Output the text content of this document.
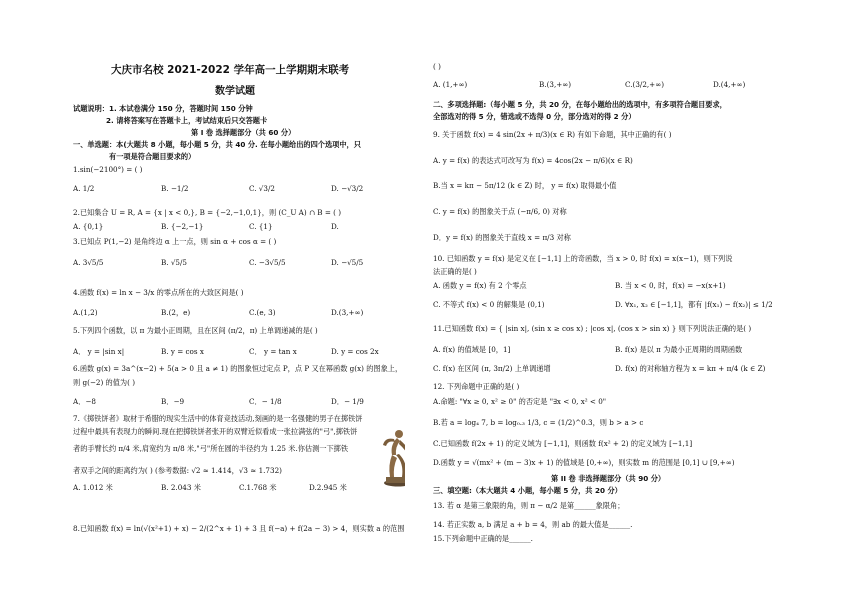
大庆市名校 2021-2022 学年高一上学期期末联考
数学试题
试题说明：1. 本试卷满分 150 分，答题时间 150 分钟
2. 请将答案写在答题卡上，考试结束后只交答题卡
第 I 卷 选择题部分（共 60 分）
一、单选题：本(大题共 8 小题，每小题 5 分，共 40 分. 在每小题给出的四个选项中，只
有一项是符合题目要求的）
1.sin(−2100°) = ( )
A. 1/2	B. −1/2	C. √3/2	D. −√3/2
2.已知集合 U = R, A = {x | x < 0,}, B = {−2,−1,0,1}，则 (C_U A) ∩ B = ( )
A. {0,1}	B. {−2,−1}	C. {1}	D.
3.已知点 P(1,−2) 是角终边 α 上一点，则 sin α + cos α = ( )
A. 3√5/5	B. √5/5	C. −3√5/5	D. −√5/5
4.函数 f(x) = ln x − 3/x 的零点所在的大致区间是( )
A.(1,2)	B.(2，e)	C.(e, 3)	D.(3,+∞)
5.下列四个函数，以 π 为最小正周期，且在区间 (π/2，π) 上单调递减的是( )
A． y = |sin x|	B. y = cos x	C． y = tan x	D. y = cos 2x
6.函数 g(x) = 3a^(x−2) + 5(a > 0 且 a ≠ 1) 的图象恒过定点 P，点 P 又在幂函数 g(x) 的图象上，
则 g(−2) 的值为( )
A．−8	B．−9	C．− 1/8	D．− 1/9
7.《掷铁饼者》取材于希腊的现实生活中的体育竞技活动,刻画的是一名强健的男子在掷铁饼
过程中最具有表现力的瞬间.现在把掷铁饼者张开的双臂近似看成一张拉满弦的"弓",掷铁饼
者的手臂长约 π/4 米,肩宽约为 π/8 米,"弓"所在圆的半径约为 1.25 米.你估测一下掷铁
者双手之间的距离约为( ) (参考数据: √2 ≈ 1.414，√3 ≈ 1.732)
A. 1.012 米	B. 2.043 米	C.1.768 米	D.2.945 米
8.已知函数 f(x) = ln(√(x²+1) + x) − 2/(2^x + 1) + 3 且 f(−a) + f(2a − 3) > 4，则实数 a 的范围
( )
A. (1,+∞)	B.(3,+∞)	C.(3/2,+∞)	D.(4,+∞)
二、多项选择题:（每小题 5 分，共 20 分，在每小题给出的选项中，有多项符合题目要求，
全部选对的得 5 分，错选或不选得 0 分，部分选对的得 2 分）
9. 关于函数 f(x) = 4 sin(2x + π/3)(x ∈ R) 有如下命题，其中正确的有( )
A. y = f(x) 的表达式可改写为 f(x) = 4cos(2x − π/6)(x ∈ R)
B.当 x = kπ − 5π/12 (k ∈ Z) 时， y = f(x) 取得最小值
C. y = f(x) 的图象关于点 (−π/6, 0) 对称
D．y = f(x) 的图象关于直线 x = π/3 对称
10. 已知函数 y = f(x) 是定义在 [−1,1] 上的奇函数，当 x > 0, 时 f(x) = x(x−1)，则下列说
法正确的是( )
A. 函数 y = f(x) 有 2 个零点	B. 当 x < 0, 时，f(x) = −x(x+1)
C. 不等式 f(x) < 0 的解集是 (0,1)	D. ∀x₁, x₂ ∈ [−1,1]，都有 |f(x₁) − f(x₂)| ≤ 1/2
11.已知函数 f(x) = { |sin x|, (sin x ≥ cos x) ; |cos x|, (cos x > sin x) } 则下列说法正确的是( )
A. f(x) 的值域是 [0，1]	B. f(x) 是以 π 为最小正周期的周期函数
C. f(x) 在区间 (π, 3π/2) 上单调递增	D. f(x) 的对称轴方程为 x = kπ + π/4 (k ∈ Z)
12. 下列命题中正确的是( )
A.命题: "∀x ≥ 0, x² ≥ 0" 的否定是 "∃x < 0, x² < 0"
B.若 a = log₄ 7, b = log₀.₃ 1/3, c = (1/2)^0.3，则 b > a > c
C.已知函数 f(2x + 1) 的定义域为 [−1,1]，则函数 f(x² + 2) 的定义域为 [−1,1]
D.函数 y = √(mx² + (m − 3)x + 1) 的值域是 [0,+∞)，则实数 m 的范围是 [0,1] ∪ [9,+∞)
第 II 卷 非选择题部分（共 90 分）
三、填空题:（本大题共 4 小题，每小题 5 分，共 20 分）
13. 若 α 是第三象限的角，则 π − α/2 是第______象限角；
14. 若正实数 a, b 满足 a + b = 4，则 ab 的最大值是______.
15.下列命题中正确的是______.
